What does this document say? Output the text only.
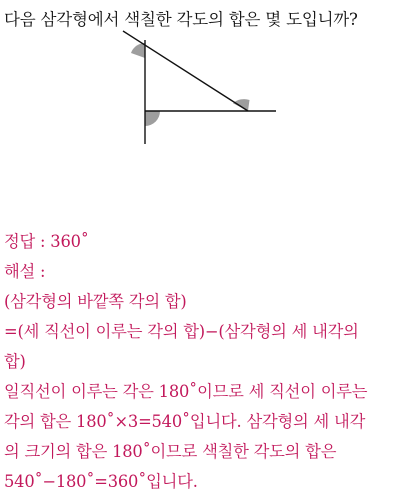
다음 삼각형에서 색칠한 각도의 합은 몇 도입니까?
정답 : 360˚
해설 :
(삼각형의 바깥쪽 각의 합)
=(세 직선이 이루는 각의 합)−(삼각형의 세 내각의
합)
일직선이 이루는 각은 180˚이므로 세 직선이 이루는
각의 합은 180˚×3=540˚입니다. 삼각형의 세 내각
의 크기의 합은 180˚이므로 색칠한 각도의 합은
540˚−180˚=360˚입니다.
